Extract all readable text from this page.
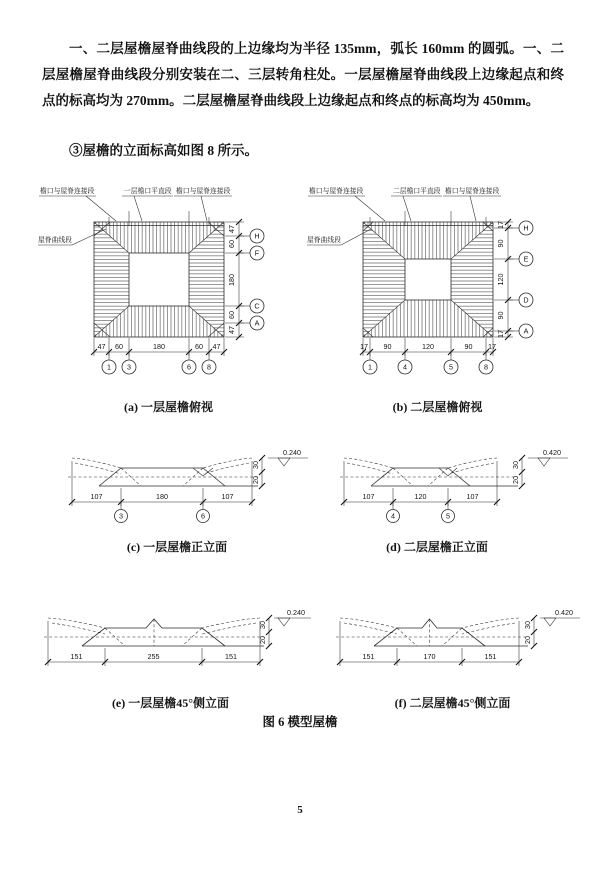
一、二层屋檐屋脊曲线段的上边缘均为半径 135mm，弧长 160mm 的圆弧。一、二层屋檐屋脊曲线段分别安装在二、三层转角柱处。一层屋檐屋脊曲线段上边缘起点和终点的标高均为 270mm。二层屋檐屋脊曲线段上边缘起点和终点的标高均为 450mm。

③屋檐的立面标高如图 8 所示。

檐口与屋脊连接段	一层檐口平直段 檐口与屋脊连接段
屋脊曲线段
47
60
180
60
47
H
F
C
A
47 60	180	60 47
1 3	6 8
(a) 一层屋檐俯视
檐口与屋脊连接段	二层檐口平直段 檐口与屋脊连接段
屋脊曲线段
17
90
120
90
17
H
E
D
A
17 90	120	90 17
1	4	5	8
(b) 二层屋檐俯视
107	180	107
3	6
30
20
0.240
(c) 一层屋檐正立面
107	120	107
4	5
30
20
0.420
(d) 二层屋檐正立面
151	255	151
30
20
0.240
(e) 一层屋檐45°侧立面
151	170	151
30
20
0.420
(f) 二层屋檐45°侧立面
图 6 模型屋檐
5
